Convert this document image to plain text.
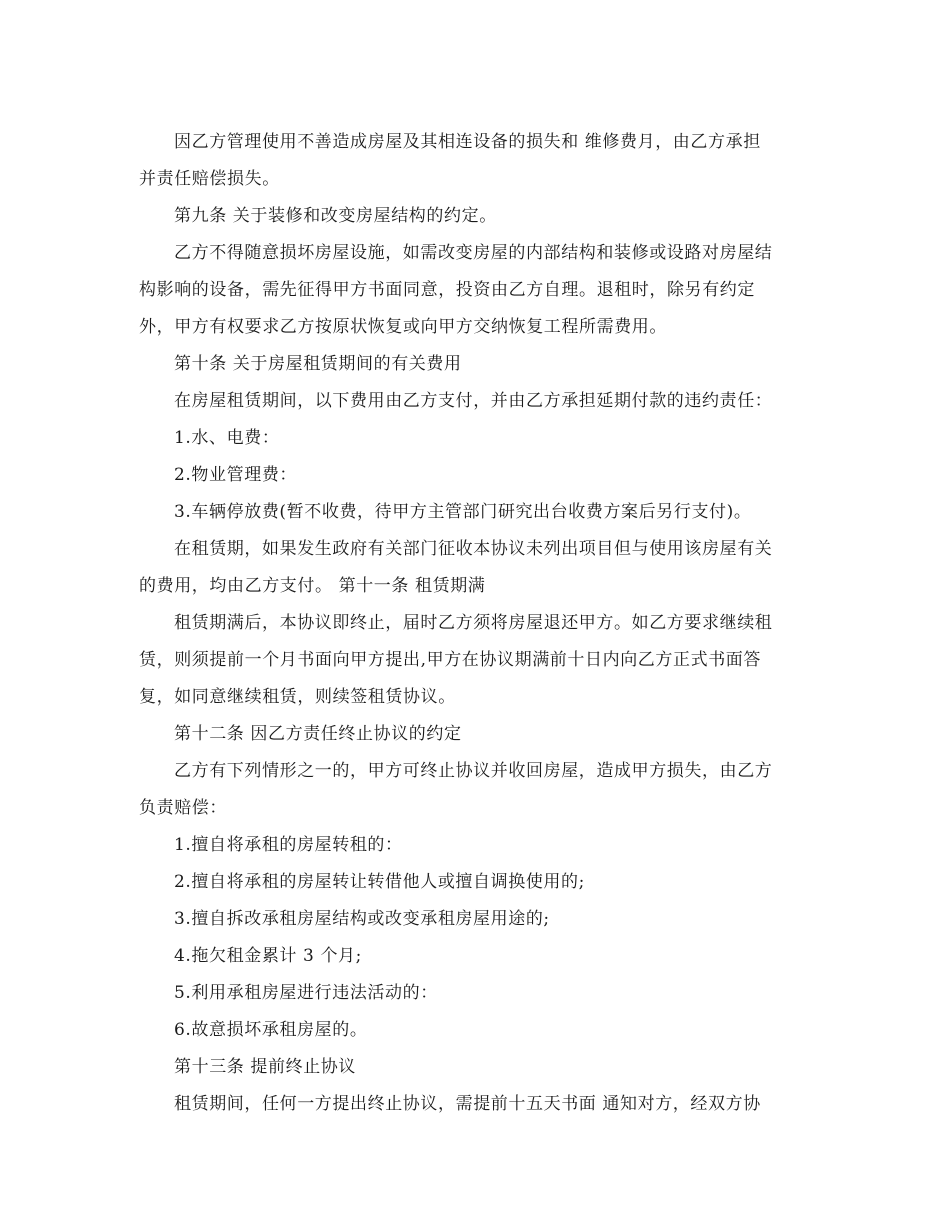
因乙方管理使用不善造成房屋及其相连设备的损失和 维修费月，由乙方承担
并责任赔偿损失。
第九条 关于装修和改变房屋结构的约定。
乙方不得随意损坏房屋设施，如需改变房屋的内部结构和装修或设路对房屋结
构影响的设备，需先征得甲方书面同意，投资由乙方自理。退租时，除另有约定
外，甲方有权要求乙方按原状恢复或向甲方交纳恢复工程所需费用。
第十条 关于房屋租赁期间的有关费用
在房屋租赁期间，以下费用由乙方支付，并由乙方承担延期付款的违约责任：
1.水、电费：
2.物业管理费：
3.车辆停放费(暂不收费，待甲方主管部门研究出台收费方案后另行支付)。
在租赁期，如果发生政府有关部门征收本协议未列出项目但与使用该房屋有关
的费用，均由乙方支付。 第十一条 租赁期满
租赁期满后，本协议即终止，届时乙方须将房屋退还甲方。如乙方要求继续租
赁，则须提前一个月书面向甲方提出,甲方在协议期满前十日内向乙方正式书面答
复，如同意继续租赁，则续签租赁协议。
第十二条 因乙方责任终止协议的约定
乙方有下列情形之一的，甲方可终止协议并收回房屋，造成甲方损失，由乙方
负责赔偿：
1.擅自将承租的房屋转租的：
2.擅自将承租的房屋转让转借他人或擅自调换使用的;
3.擅自拆改承租房屋结构或改变承租房屋用途的;
4.拖欠租金累计 3 个月;
5.利用承租房屋进行违法活动的：
6.故意损坏承租房屋的。
第十三条 提前终止协议
租赁期间，任何一方提出终止协议，需提前十五天书面 通知对方，经双方协
